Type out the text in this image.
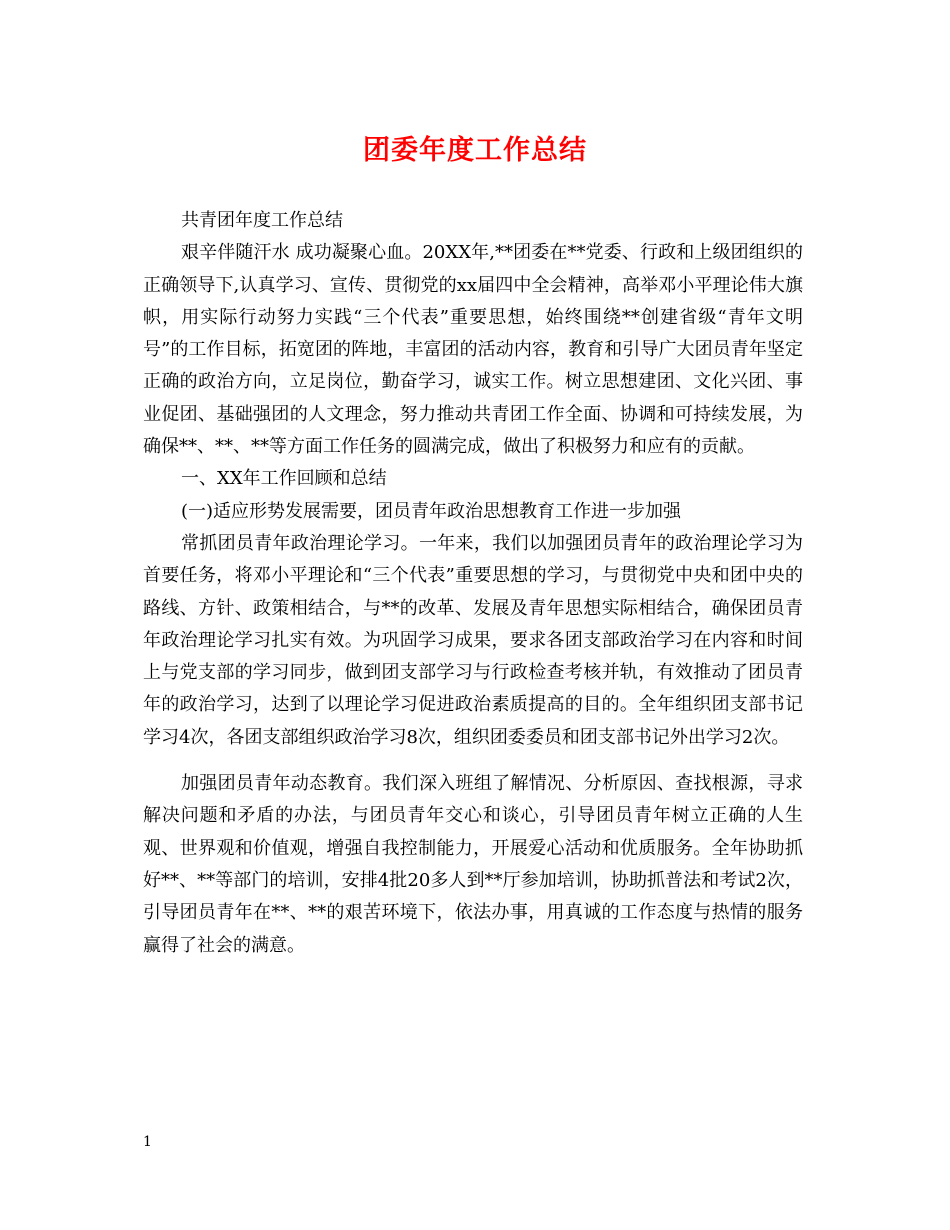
团委年度工作总结

共青团年度工作总结

艰辛伴随汗水 成功凝聚心血。20XX年,**团委在**党委、行政和上级团组织的正确领导下,认真学习、宣传、贯彻党的xx届四中全会精神，高举邓小平理论伟大旗帜，用实际行动努力实践“三个代表”重要思想，始终围绕**创建省级“青年文明号”的工作目标，拓宽团的阵地，丰富团的活动内容，教育和引导广大团员青年坚定正确的政治方向，立足岗位，勤奋学习，诚实工作。树立思想建团、文化兴团、事业促团、基础强团的人文理念，努力推动共青团工作全面、协调和可持续发展，为确保**、**、**等方面工作任务的圆满完成，做出了积极努力和应有的贡献。

一、XX年工作回顾和总结

(一)适应形势发展需要，团员青年政治思想教育工作进一步加强

常抓团员青年政治理论学习。一年来，我们以加强团员青年的政治理论学习为首要任务，将邓小平理论和“三个代表”重要思想的学习，与贯彻党中央和团中央的路线、方针、政策相结合，与**的改革、发展及青年思想实际相结合，确保团员青年政治理论学习扎实有效。为巩固学习成果，要求各团支部政治学习在内容和时间上与党支部的学习同步，做到团支部学习与行政检查考核并轨，有效推动了团员青年的政治学习，达到了以理论学习促进政治素质提高的目的。全年组织团支部书记学习4次，各团支部组织政治学习8次，组织团委委员和团支部书记外出学习2次。

加强团员青年动态教育。我们深入班组了解情况、分析原因、查找根源，寻求解决问题和矛盾的办法，与团员青年交心和谈心，引导团员青年树立正确的人生观、世界观和价值观，增强自我控制能力，开展爱心活动和优质服务。全年协助抓好**、**等部门的培训，安排4批20多人到**厅参加培训，协助抓普法和考试2次，引导团员青年在**、**的艰苦环境下，依法办事，用真诚的工作态度与热情的服务赢得了社会的满意。

1
